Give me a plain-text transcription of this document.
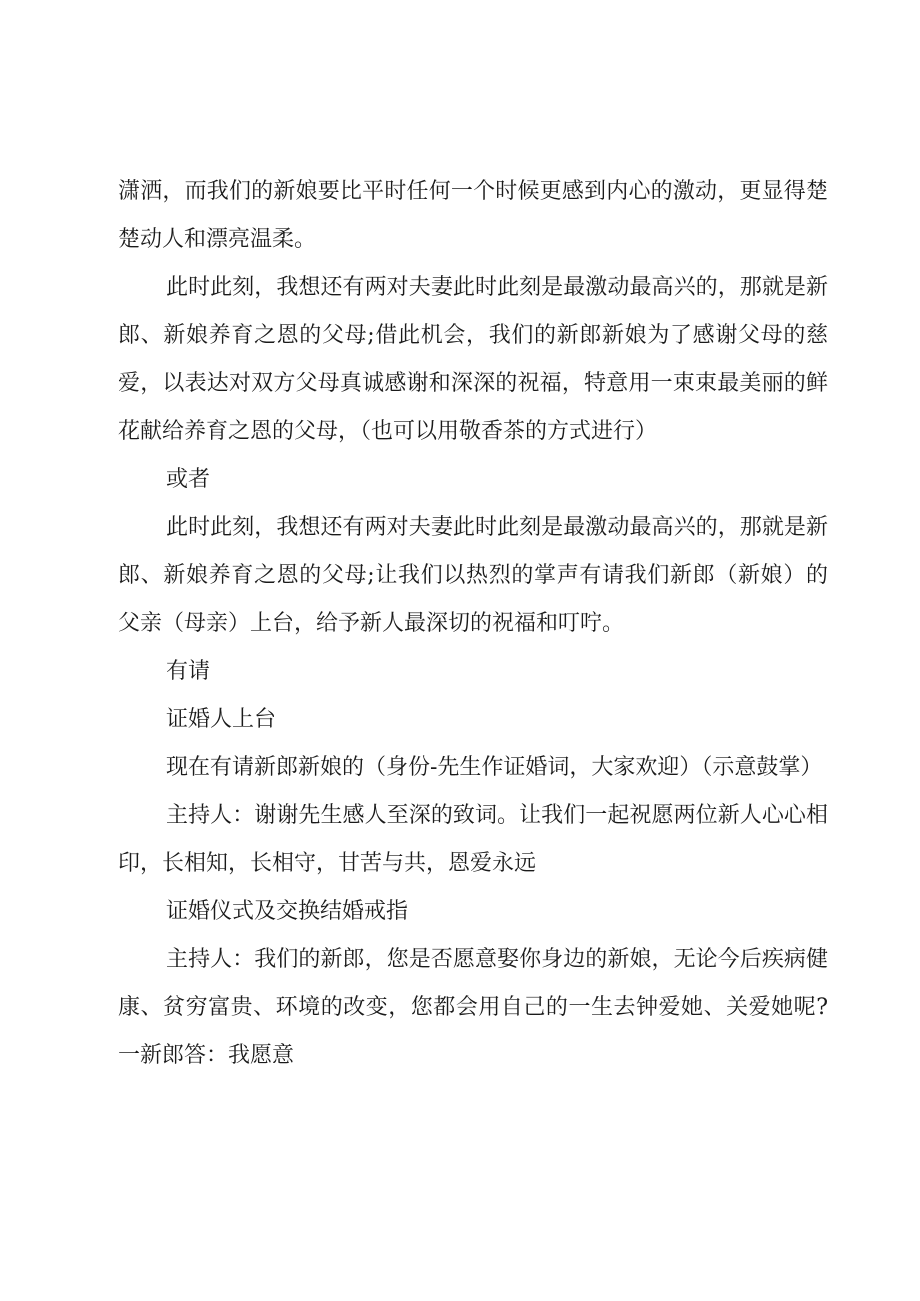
潇洒，而我们的新娘要比平时任何一个时候更感到内心的激动，更显得楚楚动人和漂亮温柔。

此时此刻，我想还有两对夫妻此时此刻是最激动最高兴的，那就是新郎、新娘养育之恩的父母;借此机会，我们的新郎新娘为了感谢父母的慈爱，以表达对双方父母真诚感谢和深深的祝福，特意用一束束最美丽的鲜花献给养育之恩的父母，（也可以用敬香茶的方式进行）

或者

此时此刻，我想还有两对夫妻此时此刻是最激动最高兴的，那就是新郎、新娘养育之恩的父母;让我们以热烈的掌声有请我们新郎（新娘）的父亲（母亲）上台，给予新人最深切的祝福和叮咛。

有请

证婚人上台

现在有请新郎新娘的（身份-先生作证婚词，大家欢迎）（示意鼓掌）

主持人：谢谢先生感人至深的致词。让我们一起祝愿两位新人心心相印，长相知，长相守，甘苦与共，恩爱永远

证婚仪式及交换结婚戒指

主持人：我们的新郎，您是否愿意娶你身边的新娘，无论今后疾病健康、贫穷富贵、环境的改变，您都会用自己的一生去钟爱她、关爱她呢?一新郎答：我愿意
